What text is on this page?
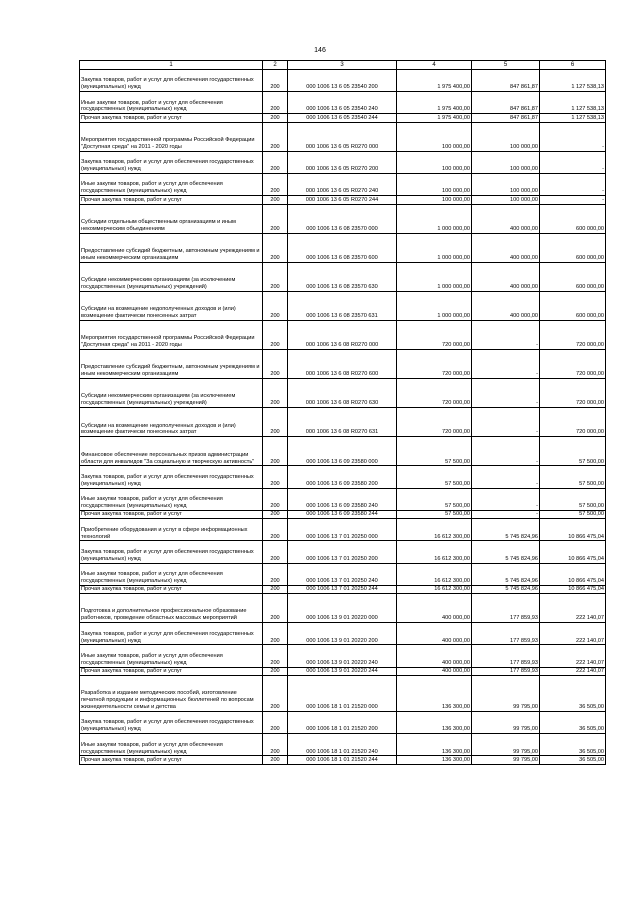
146
1	2	3	4	5	6
Закупка товаров, работ и услуг для обеспечения государственных (муниципальных) нужд	200	000 1006 13 6 05 23540 200	1 975 400,00	847 861,87	1 127 538,13
Иные закупки товаров, работ и услуг для обеспечения государственных (муниципальных) нужд	200	000 1006 13 6 05 23540 240	1 975 400,00	847 861,87	1 127 538,13
Прочая закупка товаров, работ и услуг	200	000 1006 13 6 05 23540 244	1 975 400,00	847 861,87	1 127 538,13
Мероприятия государственной программы Российской Федерации "Доступная среда" на 2011 - 2020 годы	200	000 1006 13 6 05 R0270 000	100 000,00	100 000,00	-
Закупка товаров, работ и услуг для обеспечения государственных (муниципальных) нужд	200	000 1006 13 6 05 R0270 200	100 000,00	100 000,00	-
Иные закупки товаров, работ и услуг для обеспечения государственных (муниципальных) нужд	200	000 1006 13 6 05 R0270 240	100 000,00	100 000,00	-
Прочая закупка товаров, работ и услуг	200	000 1006 13 6 05 R0270 244	100 000,00	100 000,00	-
Субсидии отдельным общественным организациям и иным некоммерческим объединениям	200	000 1006 13 6 08 23570 000	1 000 000,00	400 000,00	600 000,00
Предоставление субсидий бюджетным, автономным учреждениям и иным некоммерческим организациям	200	000 1006 13 6 08 23570 600	1 000 000,00	400 000,00	600 000,00
Субсидии некоммерческим организациям (за исключением государственных (муниципальных) учреждений)	200	000 1006 13 6 08 23570 630	1 000 000,00	400 000,00	600 000,00
Субсидии на возмещение недополученных доходов и (или) возмещение фактически понесенных затрат	200	000 1006 13 6 08 23570 631	1 000 000,00	400 000,00	600 000,00
Мероприятия государственной программы Российской Федерации "Доступная среда" на 2011 - 2020 годы	200	000 1006 13 6 08 R0270 000	720 000,00	-	720 000,00
Предоставление субсидий бюджетным, автономным учреждениям и иным некоммерческим организациям	200	000 1006 13 6 08 R0270 600	720 000,00	-	720 000,00
Субсидии некоммерческим организациям (за исключением государственных (муниципальных) учреждений)	200	000 1006 13 6 08 R0270 630	720 000,00	-	720 000,00
Субсидии на возмещение недополученных доходов и (или) возмещение фактически понесенных затрат	200	000 1006 13 6 08 R0270 631	720 000,00	-	720 000,00
Финансовое обеспечение персональных призов администрации области для инвалидов "За социальную и творческую активность"	200	000 1006 13 6 09 23580 000	57 500,00	-	57 500,00
Закупка товаров, работ и услуг для обеспечения государственных (муниципальных) нужд	200	000 1006 13 6 09 23580 200	57 500,00	-	57 500,00
Иные закупки товаров, работ и услуг для обеспечения государственных (муниципальных) нужд	200	000 1006 13 6 09 23580 240	57 500,00	-	57 500,00
Прочая закупка товаров, работ и услуг	200	000 1006 13 6 09 23580 244	57 500,00	-	57 500,00
Приобретение оборудования и услуг в сфере информационных технологий	200	000 1006 13 7 01 20250 000	16 612 300,00	5 745 824,96	10 866 475,04
Закупка товаров, работ и услуг для обеспечения государственных (муниципальных) нужд	200	000 1006 13 7 01 20250 200	16 612 300,00	5 745 824,96	10 866 475,04
Иные закупки товаров, работ и услуг для обеспечения государственных (муниципальных) нужд	200	000 1006 13 7 01 20250 240	16 612 300,00	5 745 824,96	10 866 475,04
Прочая закупка товаров, работ и услуг	200	000 1006 13 7 01 20250 244	16 612 300,00	5 745 824,96	10 866 475,04
Подготовка и дополнительное профессиональное образование работников, проведение областных массовых мероприятий	200	000 1006 13 9 01 20220 000	400 000,00	177 859,93	222 140,07
Закупка товаров, работ и услуг для обеспечения государственных (муниципальных) нужд	200	000 1006 13 9 01 20220 200	400 000,00	177 859,93	222 140,07
Иные закупки товаров, работ и услуг для обеспечения государственных (муниципальных) нужд	200	000 1006 13 9 01 20220 240	400 000,00	177 859,93	222 140,07
Прочая закупка товаров, работ и услуг	200	000 1006 13 9 01 20220 244	400 000,00	177 859,93	222 140,07
Разработка и издание методических пособий, изготовление печатной продукции и информационных бюллетеней по вопросам жизнедеятельности семьи и детства	200	000 1006 18 1 01 21520 000	136 300,00	99 795,00	36 505,00
Закупка товаров, работ и услуг для обеспечения государственных (муниципальных) нужд	200	000 1006 18 1 01 21520 200	136 300,00	99 795,00	36 505,00
Иные закупки товаров, работ и услуг для обеспечения государственных (муниципальных) нужд	200	000 1006 18 1 01 21520 240	136 300,00	99 795,00	36 505,00
Прочая закупка товаров, работ и услуг	200	000 1006 18 1 01 21520 244	136 300,00	99 795,00	36 505,00
